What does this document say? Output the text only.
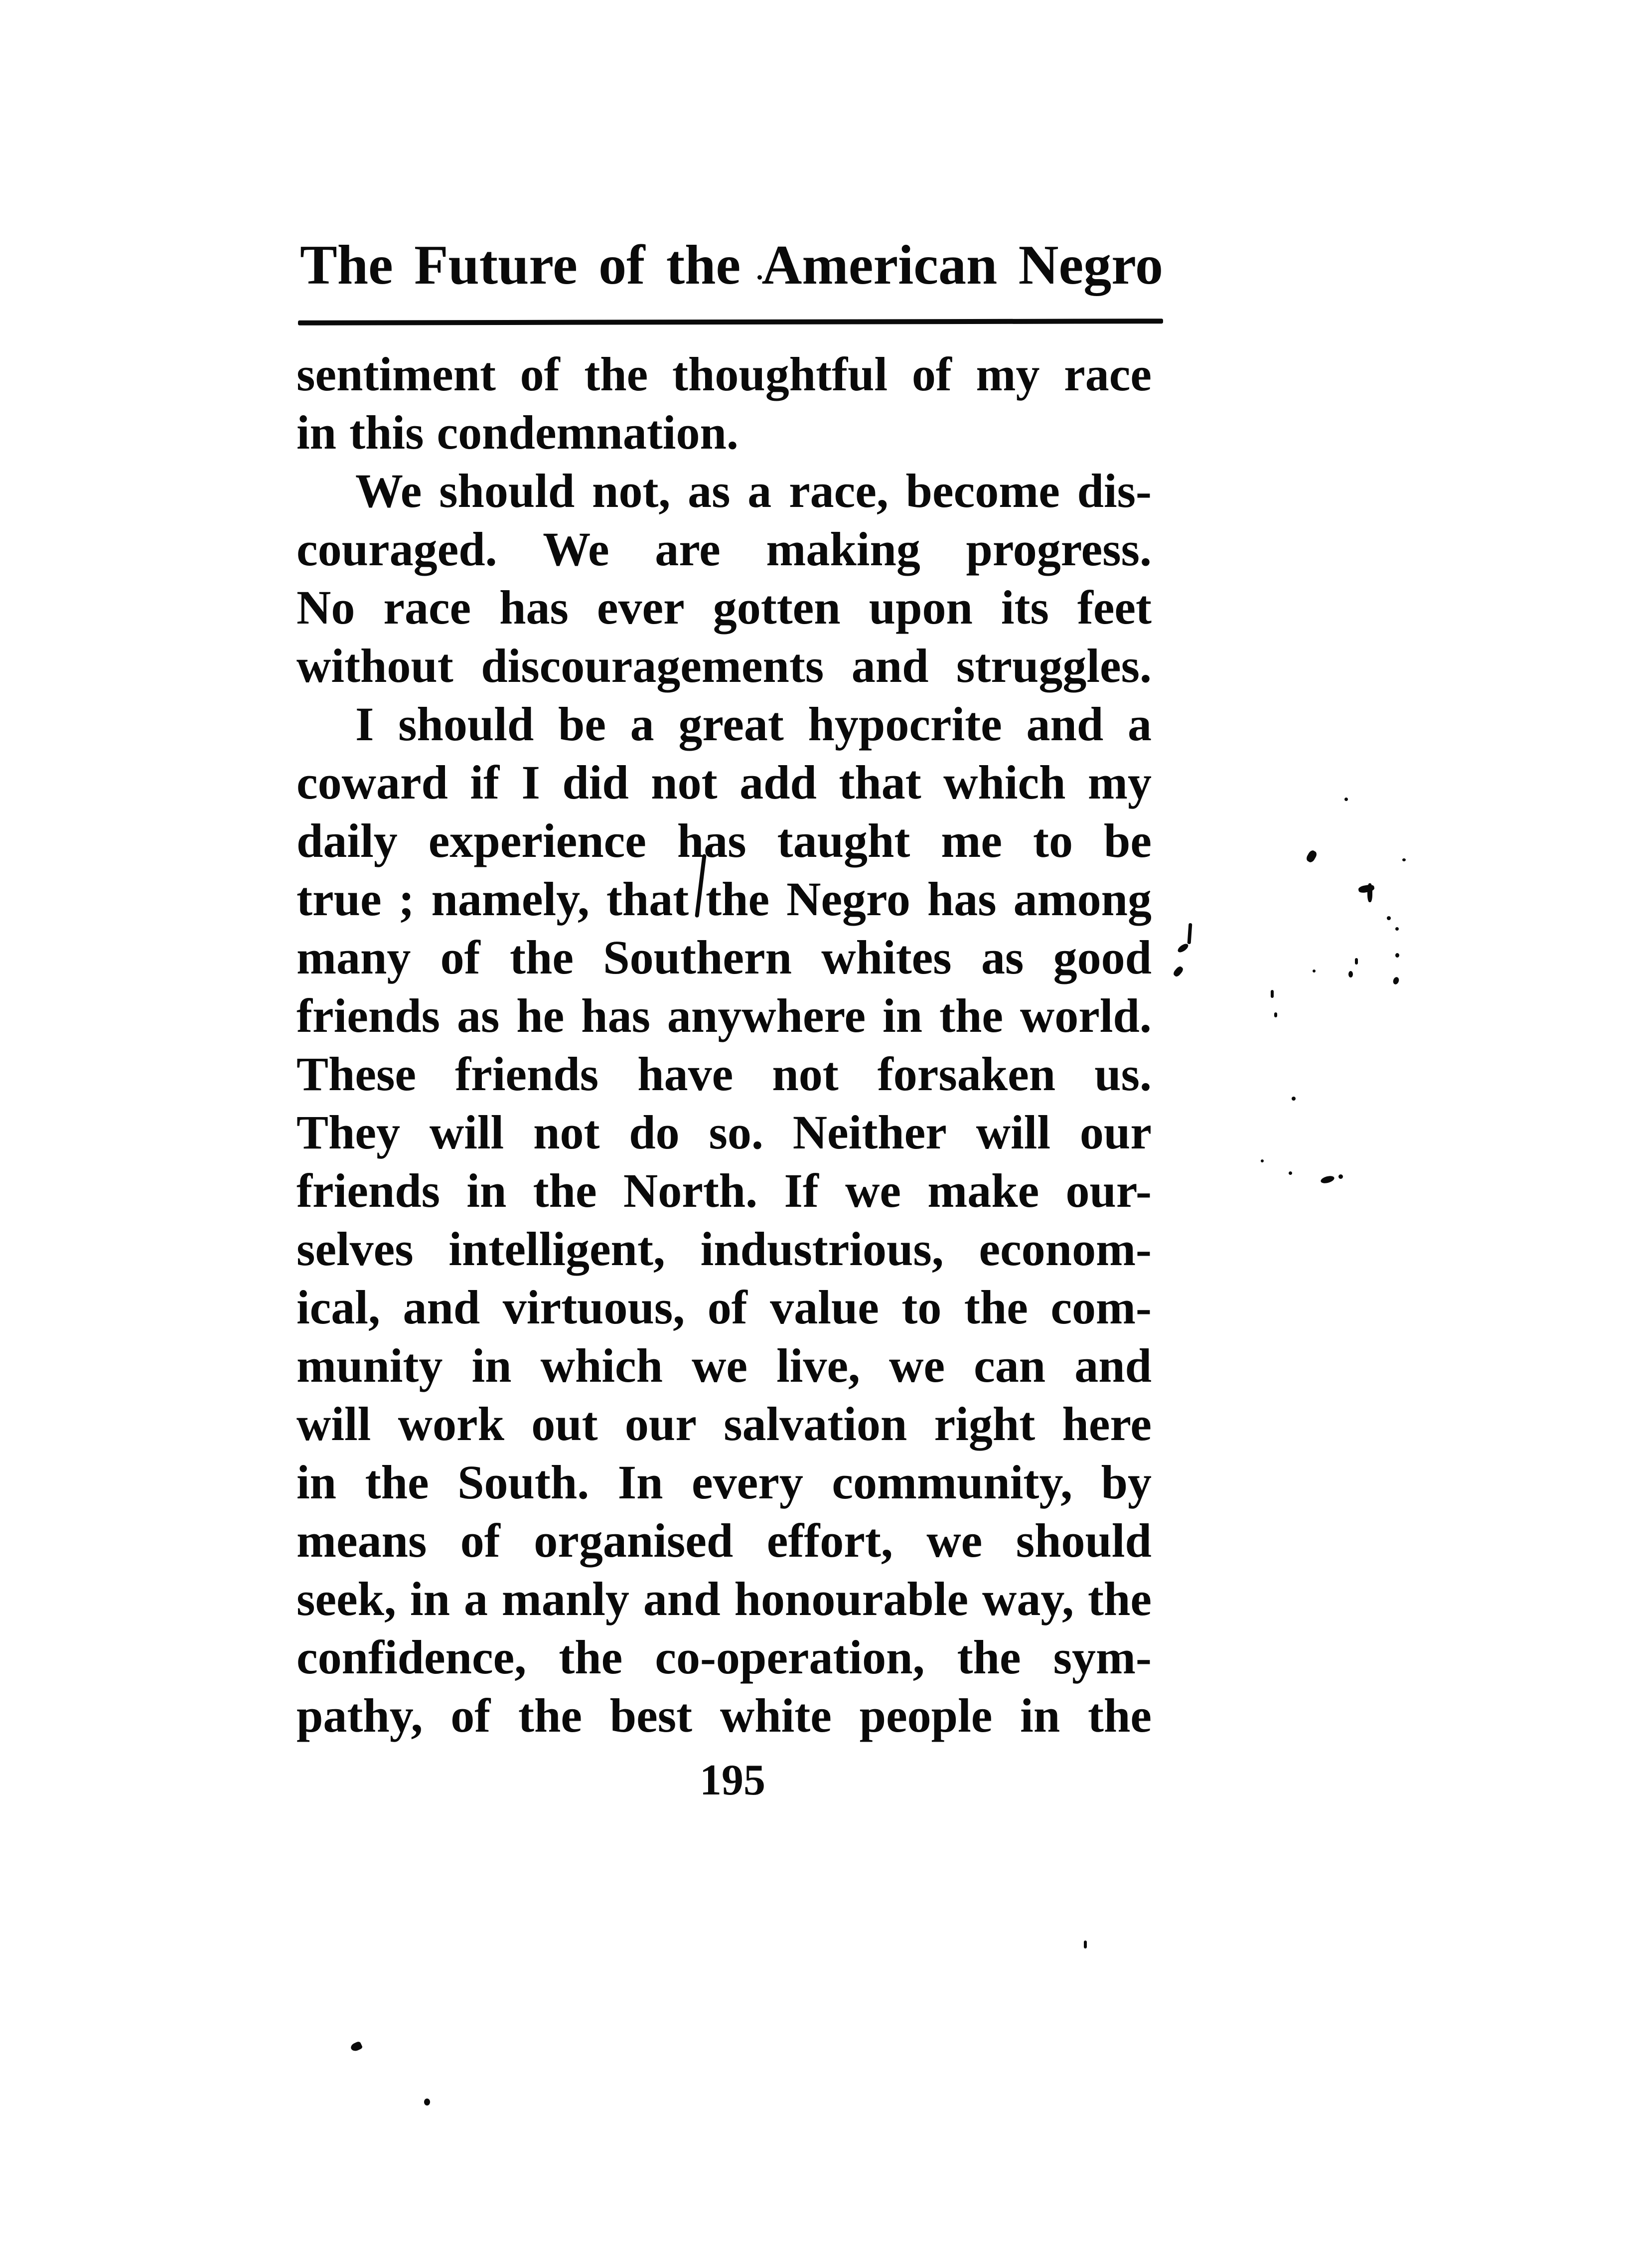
The Future of the American Negro
sentiment of the thoughtful of my race
in this condemnation.
We should not, as a race, become dis-
couraged. We are making progress.
No race has ever gotten upon its feet
without discouragements and struggles.
I should be a great hypocrite and a
coward if I did not add that which my
daily experience has taught me to be
true ; namely, that the Negro has among
many of the Southern whites as good
friends as he has anywhere in the world.
These friends have not forsaken us.
They will not do so. Neither will our
friends in the North. If we make our-
selves intelligent, industrious, econom-
ical, and virtuous, of value to the com-
munity in which we live, we can and
will work out our salvation right here
in the South. In every community, by
means of organised effort, we should
seek, in a manly and honourable way, the
confidence, the co-operation, the sym-
pathy, of the best white people in the
195
